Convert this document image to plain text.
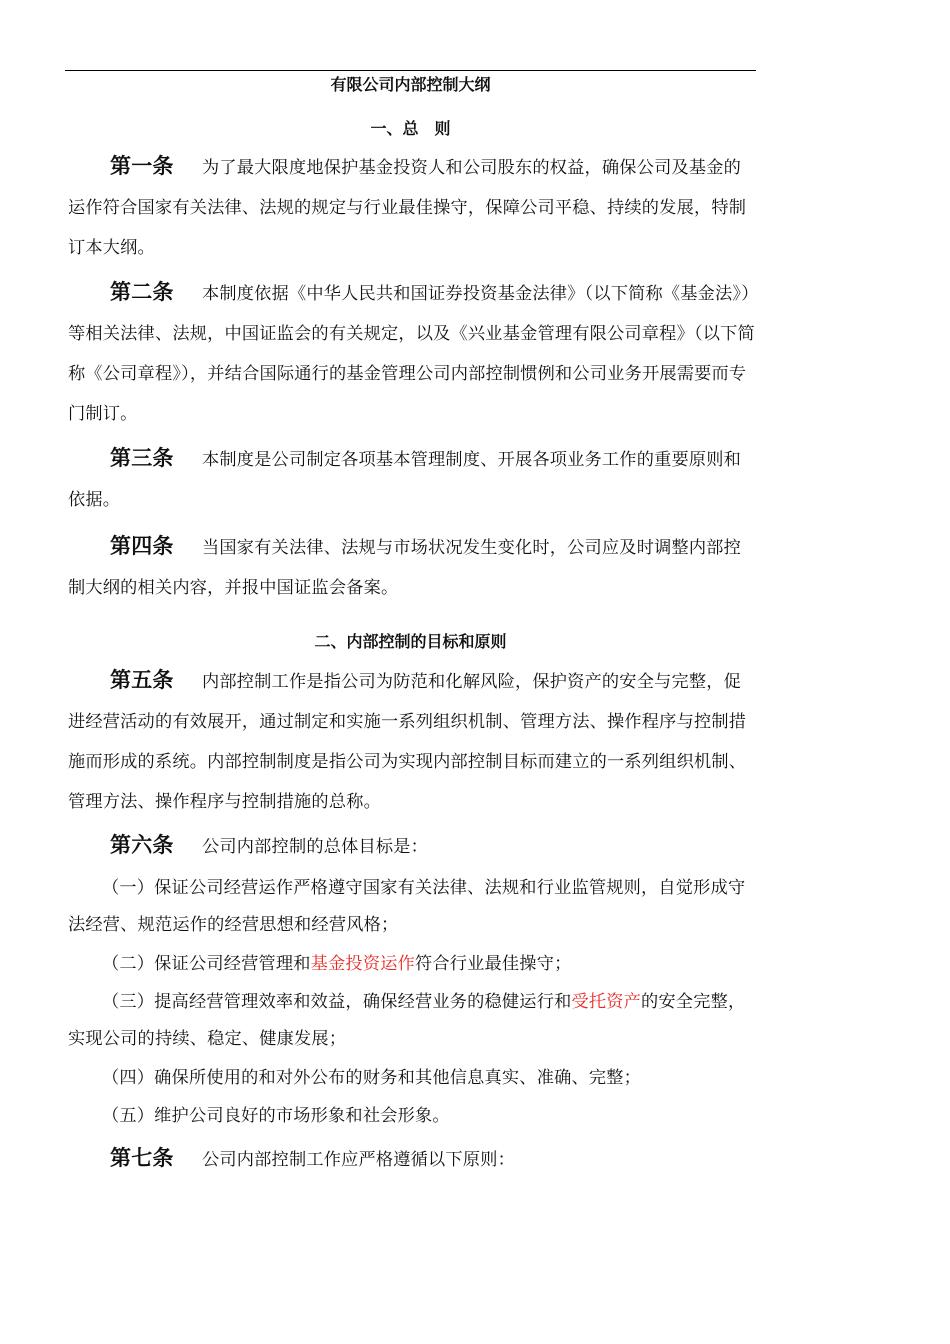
有限公司内部控制大纲
一、总　则
第一条 为了最大限度地保护基金投资人和公司股东的权益，确保公司及基金的运作符合国家有关法律、法规的规定与行业最佳操守，保障公司平稳、持续的发展，特制订本大纲。
第二条 本制度依据《中华人民共和国证券投资基金法律》（以下简称《基金法》）等相关法律、法规，中国证监会的有关规定，以及《兴业基金管理有限公司章程》（以下简称《公司章程》），并结合国际通行的基金管理公司内部控制惯例和公司业务开展需要而专门制订。
第三条 本制度是公司制定各项基本管理制度、开展各项业务工作的重要原则和依据。
第四条 当国家有关法律、法规与市场状况发生变化时，公司应及时调整内部控制大纲的相关内容，并报中国证监会备案。
二、内部控制的目标和原则
第五条 内部控制工作是指公司为防范和化解风险，保护资产的安全与完整，促进经营活动的有效展开，通过制定和实施一系列组织机制、管理方法、操作程序与控制措施而形成的系统。内部控制制度是指公司为实现内部控制目标而建立的一系列组织机制、管理方法、操作程序与控制措施的总称。
第六条 公司内部控制的总体目标是：
（一）保证公司经营运作严格遵守国家有关法律、法规和行业监管规则，自觉形成守法经营、规范运作的经营思想和经营风格；
（二）保证公司经营管理和基金投资运作符合行业最佳操守；
（三）提高经营管理效率和效益，确保经营业务的稳健运行和受托资产的安全完整，实现公司的持续、稳定、健康发展；
（四）确保所使用的和对外公布的财务和其他信息真实、准确、完整；
（五）维护公司良好的市场形象和社会形象。
第七条 公司内部控制工作应严格遵循以下原则：
